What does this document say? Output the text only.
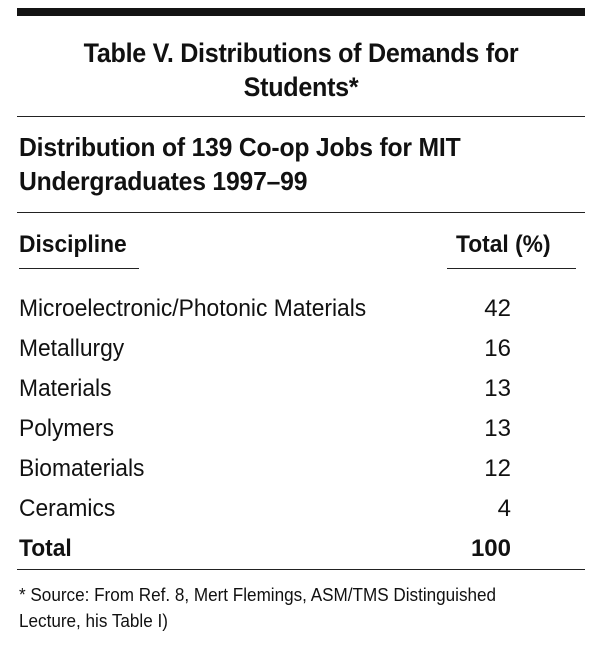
Table V. Distributions of Demands for Students*
Distribution of 139 Co-op Jobs for MIT Undergraduates 1997–99
Discipline	Total (%)
Microelectronic/Photonic Materials	42
Metallurgy	16
Materials	13
Polymers	13
Biomaterials	12
Ceramics	4
Total	100
* Source: From Ref. 8, Mert Flemings, ASM/TMS Distinguished Lecture, his Table I)
